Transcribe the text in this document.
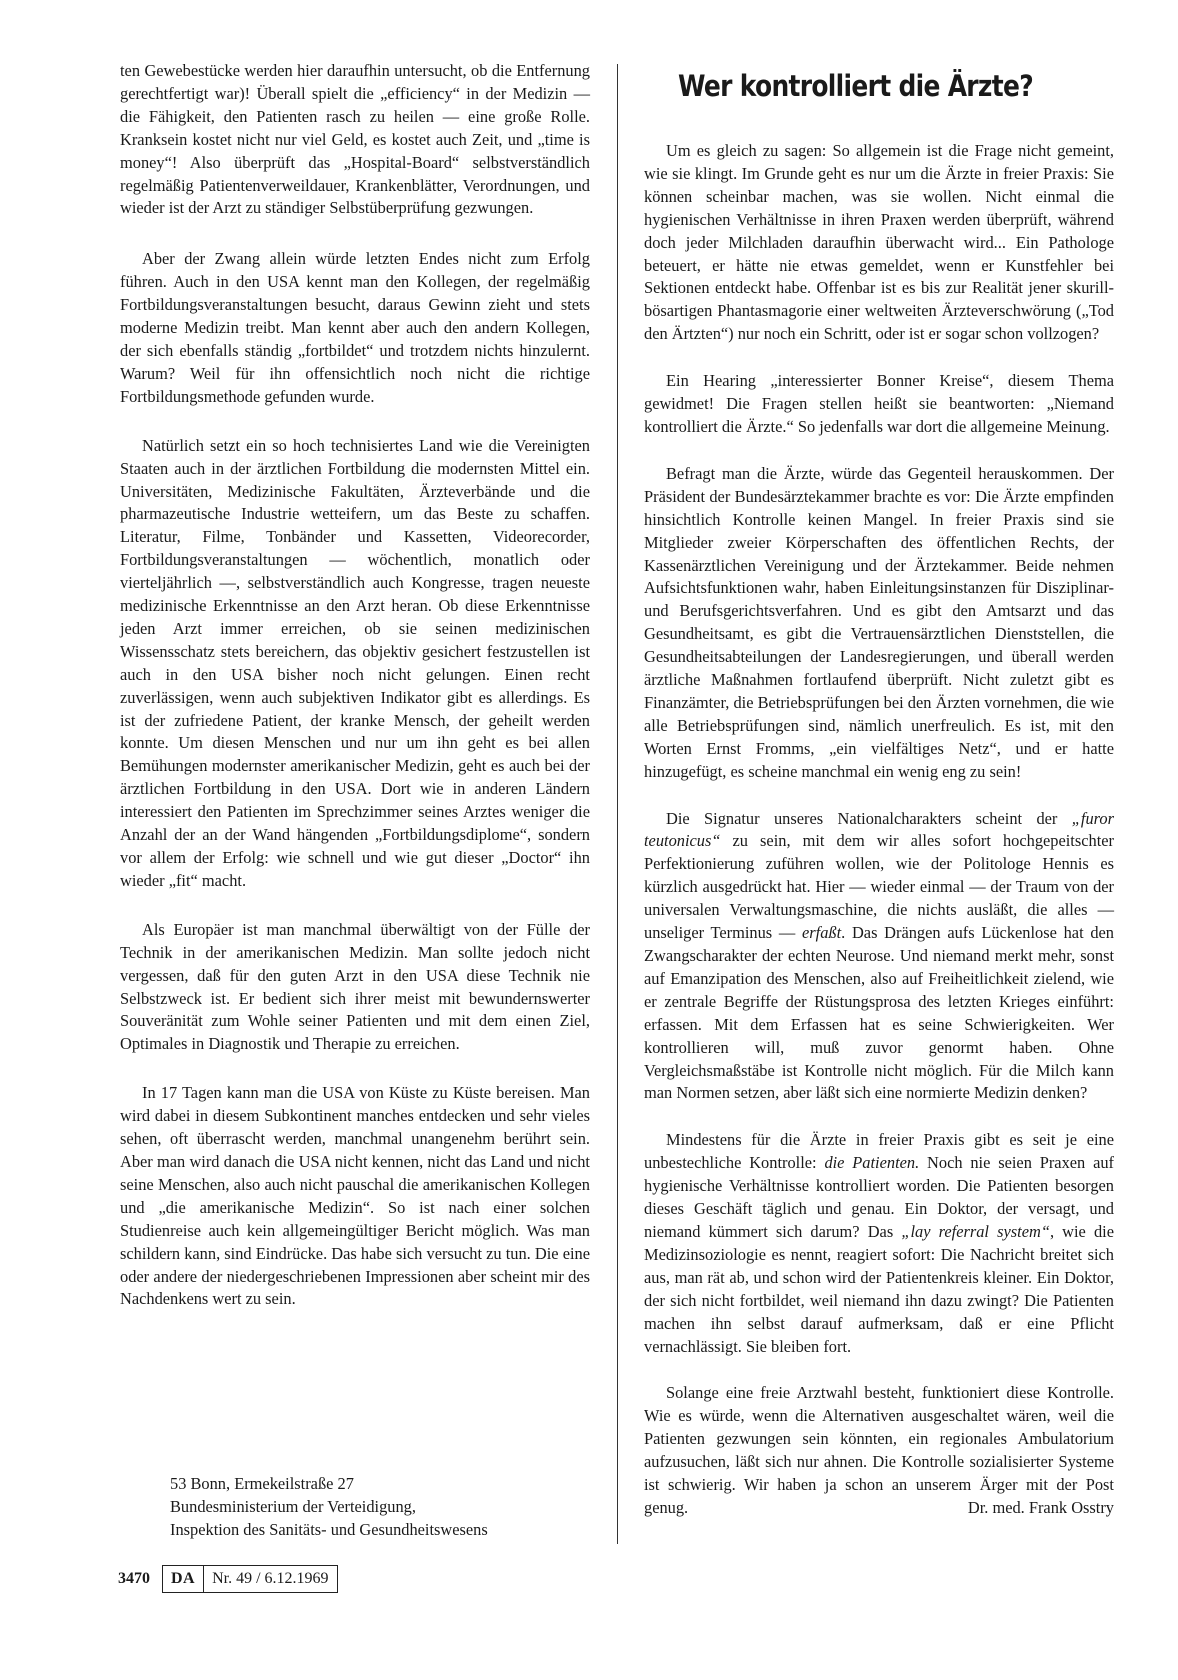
ten Gewebestücke werden hier daraufhin untersucht, ob die Entfernung gerechtfertigt war)! Überall spielt die „efficiency“ in der Medizin — die Fähigkeit, den Patienten rasch zu heilen — eine große Rolle. Kranksein kostet nicht nur viel Geld, es kostet auch Zeit, und „time is money“! Also überprüft das „Hospital-Board“ selbstverständlich regelmäßig Patientenverweildauer, Krankenblätter, Verordnungen, und wieder ist der Arzt zu ständiger Selbstüberprüfung gezwungen.

Aber der Zwang allein würde letzten Endes nicht zum Erfolg führen. Auch in den USA kennt man den Kollegen, der regelmäßig Fortbildungsveranstaltungen besucht, daraus Gewinn zieht und stets moderne Medizin treibt. Man kennt aber auch den andern Kollegen, der sich ebenfalls ständig „fortbildet“ und trotzdem nichts hinzulernt. Warum? Weil für ihn offensichtlich noch nicht die richtige Fortbildungsmethode gefunden wurde.

Natürlich setzt ein so hoch technisiertes Land wie die Vereinigten Staaten auch in der ärztlichen Fortbildung die modernsten Mittel ein. Universitäten, Medizinische Fakultäten, Ärzteverbände und die pharmazeutische Industrie wetteifern, um das Beste zu schaffen. Literatur, Filme, Tonbänder und Kassetten, Videorecorder, Fortbildungsveranstaltungen — wöchentlich, monatlich oder vierteljährlich —, selbstverständlich auch Kongresse, tragen neueste medizinische Erkenntnisse an den Arzt heran. Ob diese Erkenntnisse jeden Arzt immer erreichen, ob sie seinen medizinischen Wissensschatz stets bereichern, das objektiv gesichert festzustellen ist auch in den USA bisher noch nicht gelungen. Einen recht zuverlässigen, wenn auch subjektiven Indikator gibt es allerdings. Es ist der zufriedene Patient, der kranke Mensch, der geheilt werden konnte. Um diesen Menschen und nur um ihn geht es bei allen Bemühungen modernster amerikanischer Medizin, geht es auch bei der ärztlichen Fortbildung in den USA. Dort wie in anderen Ländern interessiert den Patienten im Sprechzimmer seines Arztes weniger die Anzahl der an der Wand hängenden „Fortbildungsdiplome“, sondern vor allem der Erfolg: wie schnell und wie gut dieser „Doctor“ ihn wieder „fit“ macht.

Als Europäer ist man manchmal überwältigt von der Fülle der Technik in der amerikanischen Medizin. Man sollte jedoch nicht vergessen, daß für den guten Arzt in den USA diese Technik nie Selbstzweck ist. Er bedient sich ihrer meist mit bewundernswerter Souveränität zum Wohle seiner Patienten und mit dem einen Ziel, Optimales in Diagnostik und Therapie zu erreichen.

In 17 Tagen kann man die USA von Küste zu Küste bereisen. Man wird dabei in diesem Subkontinent manches entdecken und sehr vieles sehen, oft überrascht werden, manchmal unangenehm berührt sein. Aber man wird danach die USA nicht kennen, nicht das Land und nicht seine Menschen, also auch nicht pauschal die amerikanischen Kollegen und „die amerikanische Medizin“. So ist nach einer solchen Studienreise auch kein allgemeingültiger Bericht möglich. Was man schildern kann, sind Eindrücke. Das habe sich versucht zu tun. Die eine oder andere der niedergeschriebenen Impressionen aber scheint mir des Nachdenkens wert zu sein.

53 Bonn, Ermekeilstraße 27
Bundesministerium der Verteidigung,
Inspektion des Sanitäts- und Gesundheitswesens
Wer kontrolliert die Ärzte?

Um es gleich zu sagen: So allgemein ist die Frage nicht gemeint, wie sie klingt. Im Grunde geht es nur um die Ärzte in freier Praxis: Sie können scheinbar machen, was sie wollen. Nicht einmal die hygienischen Verhältnisse in ihren Praxen werden überprüft, während doch jeder Milchladen daraufhin überwacht wird... Ein Pathologe beteuert, er hätte nie etwas gemeldet, wenn er Kunstfehler bei Sektionen entdeckt habe. Offenbar ist es bis zur Realität jener skurill-bösartigen Phantasmagorie einer weltweiten Ärzteverschwörung („Tod den Ärtzten“) nur noch ein Schritt, oder ist er sogar schon vollzogen?

Ein Hearing „interessierter Bonner Kreise“, diesem Thema gewidmet! Die Fragen stellen heißt sie beantworten: „Niemand kontrolliert die Ärzte.“ So jedenfalls war dort die allgemeine Meinung.

Befragt man die Ärzte, würde das Gegenteil herauskommen. Der Präsident der Bundesärztekammer brachte es vor: Die Ärzte empfinden hinsichtlich Kontrolle keinen Mangel. In freier Praxis sind sie Mitglieder zweier Körperschaften des öffentlichen Rechts, der Kassenärztlichen Vereinigung und der Ärztekammer. Beide nehmen Aufsichtsfunktionen wahr, haben Einleitungsinstanzen für Disziplinar- und Berufsgerichtsverfahren. Und es gibt den Amtsarzt und das Gesundheitsamt, es gibt die Vertrauensärztlichen Dienststellen, die Gesundheitsabteilungen der Landesregierungen, und überall werden ärztliche Maßnahmen fortlaufend überprüft. Nicht zuletzt gibt es Finanzämter, die Betriebsprüfungen bei den Ärzten vornehmen, die wie alle Betriebsprüfungen sind, nämlich unerfreulich. Es ist, mit den Worten Ernst Fromms, „ein vielfältiges Netz“, und er hatte hinzugefügt, es scheine manchmal ein wenig eng zu sein!

Die Signatur unseres Nationalcharakters scheint der „furor teutonicus“ zu sein, mit dem wir alles sofort hochgepeitschter Perfektionierung zuführen wollen, wie der Politologe Hennis es kürzlich ausgedrückt hat. Hier — wieder einmal — der Traum von der universalen Verwaltungsmaschine, die nichts ausläßt, die alles — unseliger Terminus — erfaßt. Das Drängen aufs Lückenlose hat den Zwangscharakter der echten Neurose. Und niemand merkt mehr, sonst auf Emanzipation des Menschen, also auf Freiheitlichkeit zielend, wie er zentrale Begriffe der Rüstungsprosa des letzten Krieges einführt: erfassen. Mit dem Erfassen hat es seine Schwierigkeiten. Wer kontrollieren will, muß zuvor genormt haben. Ohne Vergleichsmaßstäbe ist Kontrolle nicht möglich. Für die Milch kann man Normen setzen, aber läßt sich eine normierte Medizin denken?

Mindestens für die Ärzte in freier Praxis gibt es seit je eine unbestechliche Kontrolle: die Patienten. Noch nie seien Praxen auf hygienische Verhältnisse kontrolliert worden. Die Patienten besorgen dieses Geschäft täglich und genau. Ein Doktor, der versagt, und niemand kümmert sich darum? Das „lay referral system“, wie die Medizinsoziologie es nennt, reagiert sofort: Die Nachricht breitet sich aus, man rät ab, und schon wird der Patientenkreis kleiner. Ein Doktor, der sich nicht fortbildet, weil niemand ihn dazu zwingt? Die Patienten machen ihn selbst darauf aufmerksam, daß er eine Pflicht vernachlässigt. Sie bleiben fort.

Solange eine freie Arztwahl besteht, funktioniert diese Kontrolle. Wie es würde, wenn die Alternativen ausgeschaltet wären, weil die Patienten gezwungen sein könnten, ein regionales Ambulatorium aufzusuchen, läßt sich nur ahnen. Die Kontrolle sozialisierter Systeme ist schwierig. Wir haben ja schon an unserem Ärger mit der Post genug.	Dr. med. Frank Osstry

3470	DA	Nr. 49 / 6.12.1969
